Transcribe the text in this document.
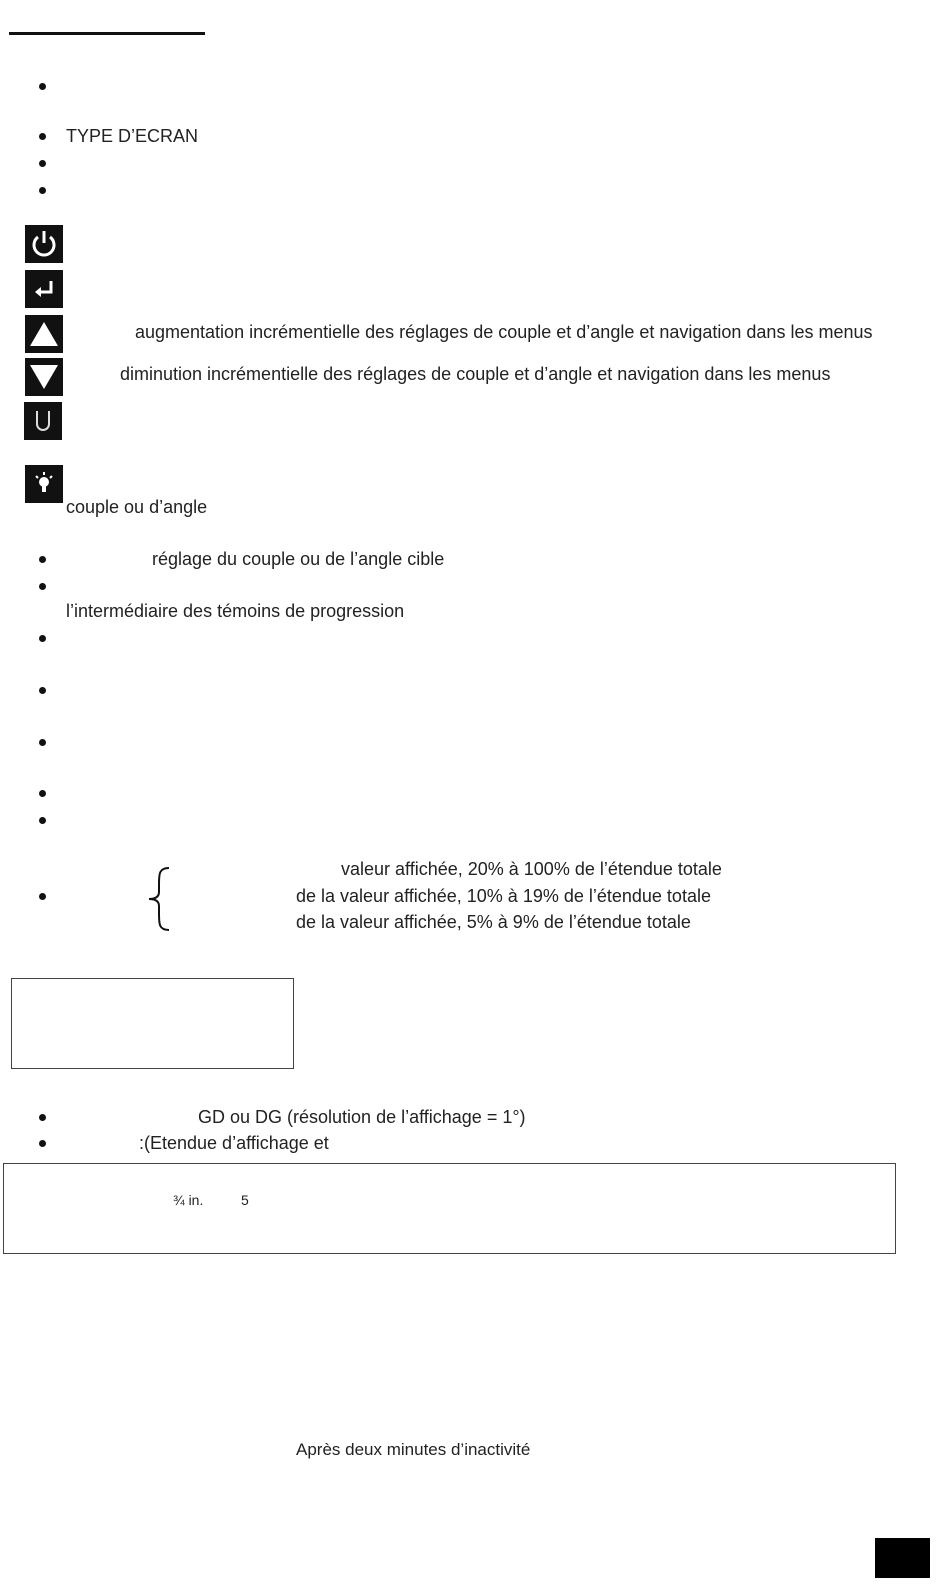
TYPE D’ECRAN
augmentation incrémentielle des réglages de couple et d’angle et navigation dans les menus
diminution incrémentielle des réglages de couple et d’angle et navigation dans les menus
couple ou d’angle
réglage du couple ou de l’angle cible
l’intermédiaire des témoins de progression
valeur affichée, 20% à 100% de l’étendue totale
de la valeur affichée, 10% à 19% de l’étendue totale
de la valeur affichée, 5% à 9% de l’étendue totale
GD ou DG (résolution de l’affichage = 1°)
:(Etendue d’affichage et
¾ in.	5
Après deux minutes d’inactivité
